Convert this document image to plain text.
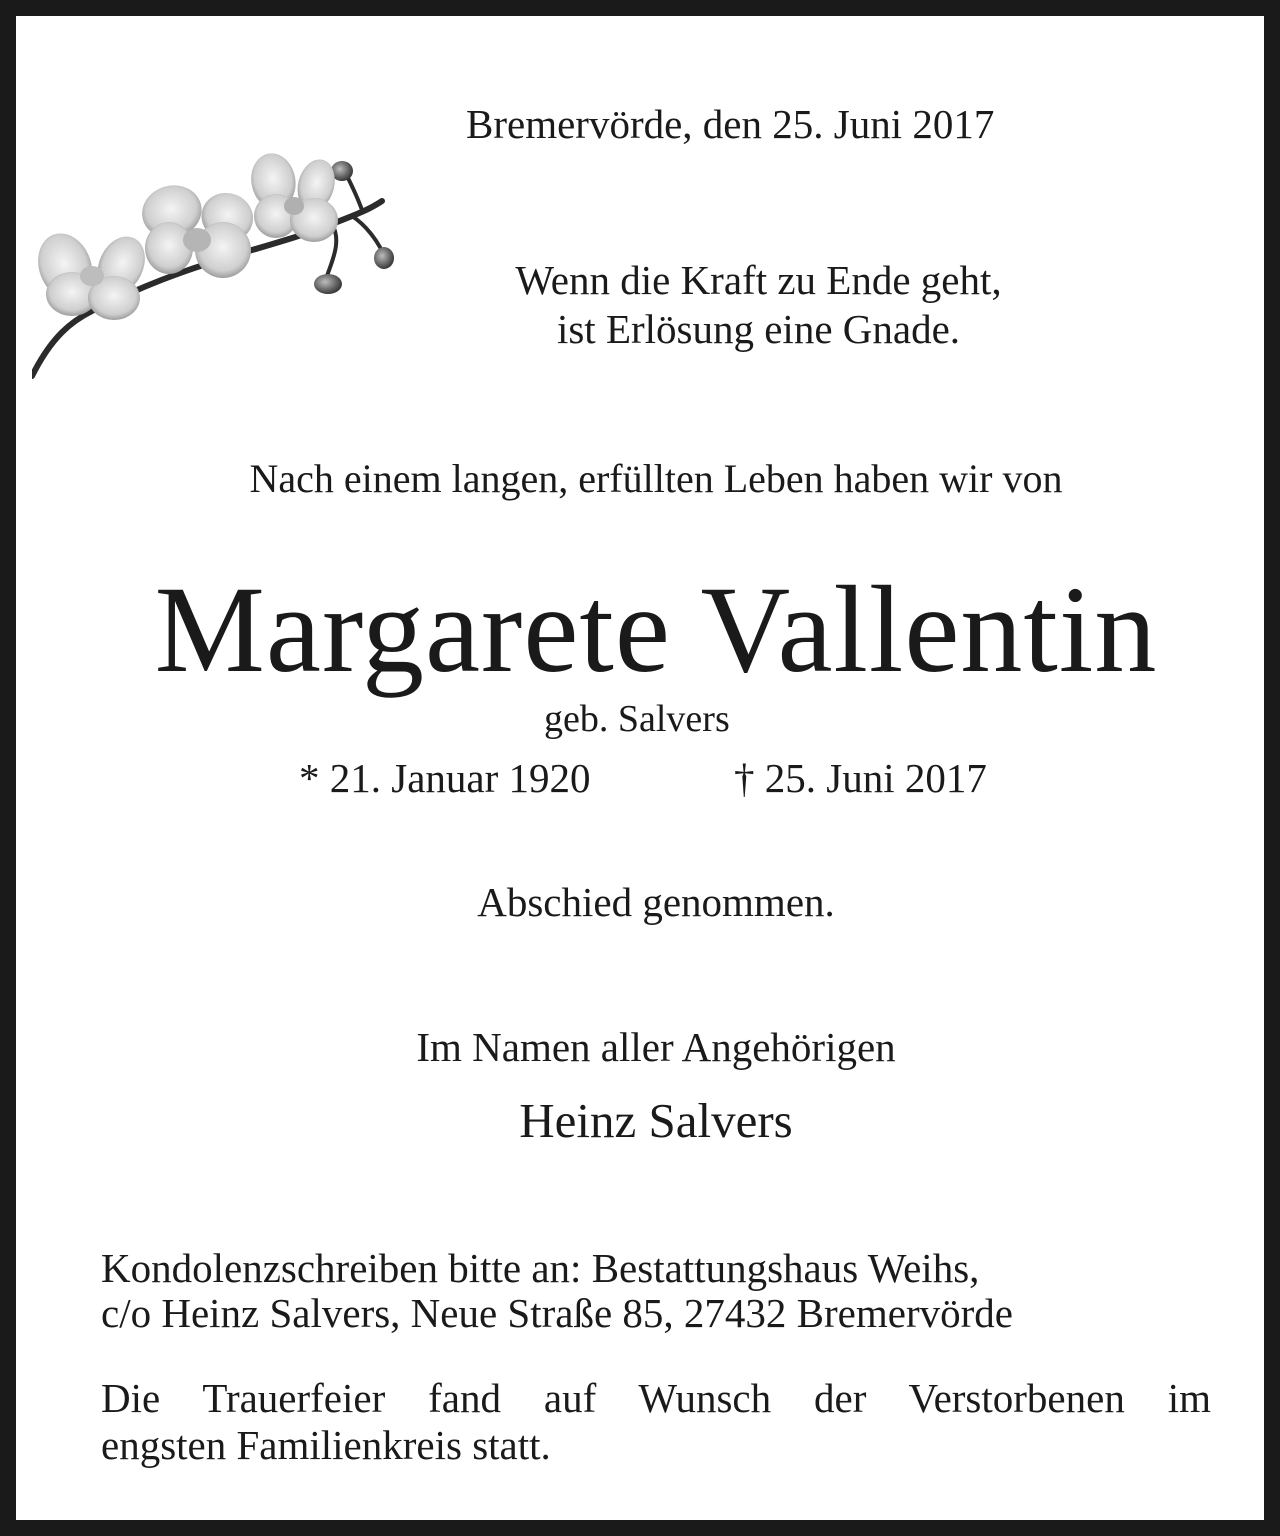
Bremervörde, den 25. Juni 2017
Wenn die Kraft zu Ende geht,
ist Erlösung eine Gnade.
Nach einem langen, erfüllten Leben haben wir von
Margarete Vallentin
geb. Salvers
* 21. Januar 1920	† 25. Juni 2017
Abschied genommen.
Im Namen aller Angehörigen
Heinz Salvers
Kondolenzschreiben bitte an: Bestattungshaus Weihs,
c/o Heinz Salvers, Neue Straße 85, 27432 Bremervörde
Die Trauerfeier fand auf Wunsch der Verstorbenen im
engsten Familienkreis statt.
